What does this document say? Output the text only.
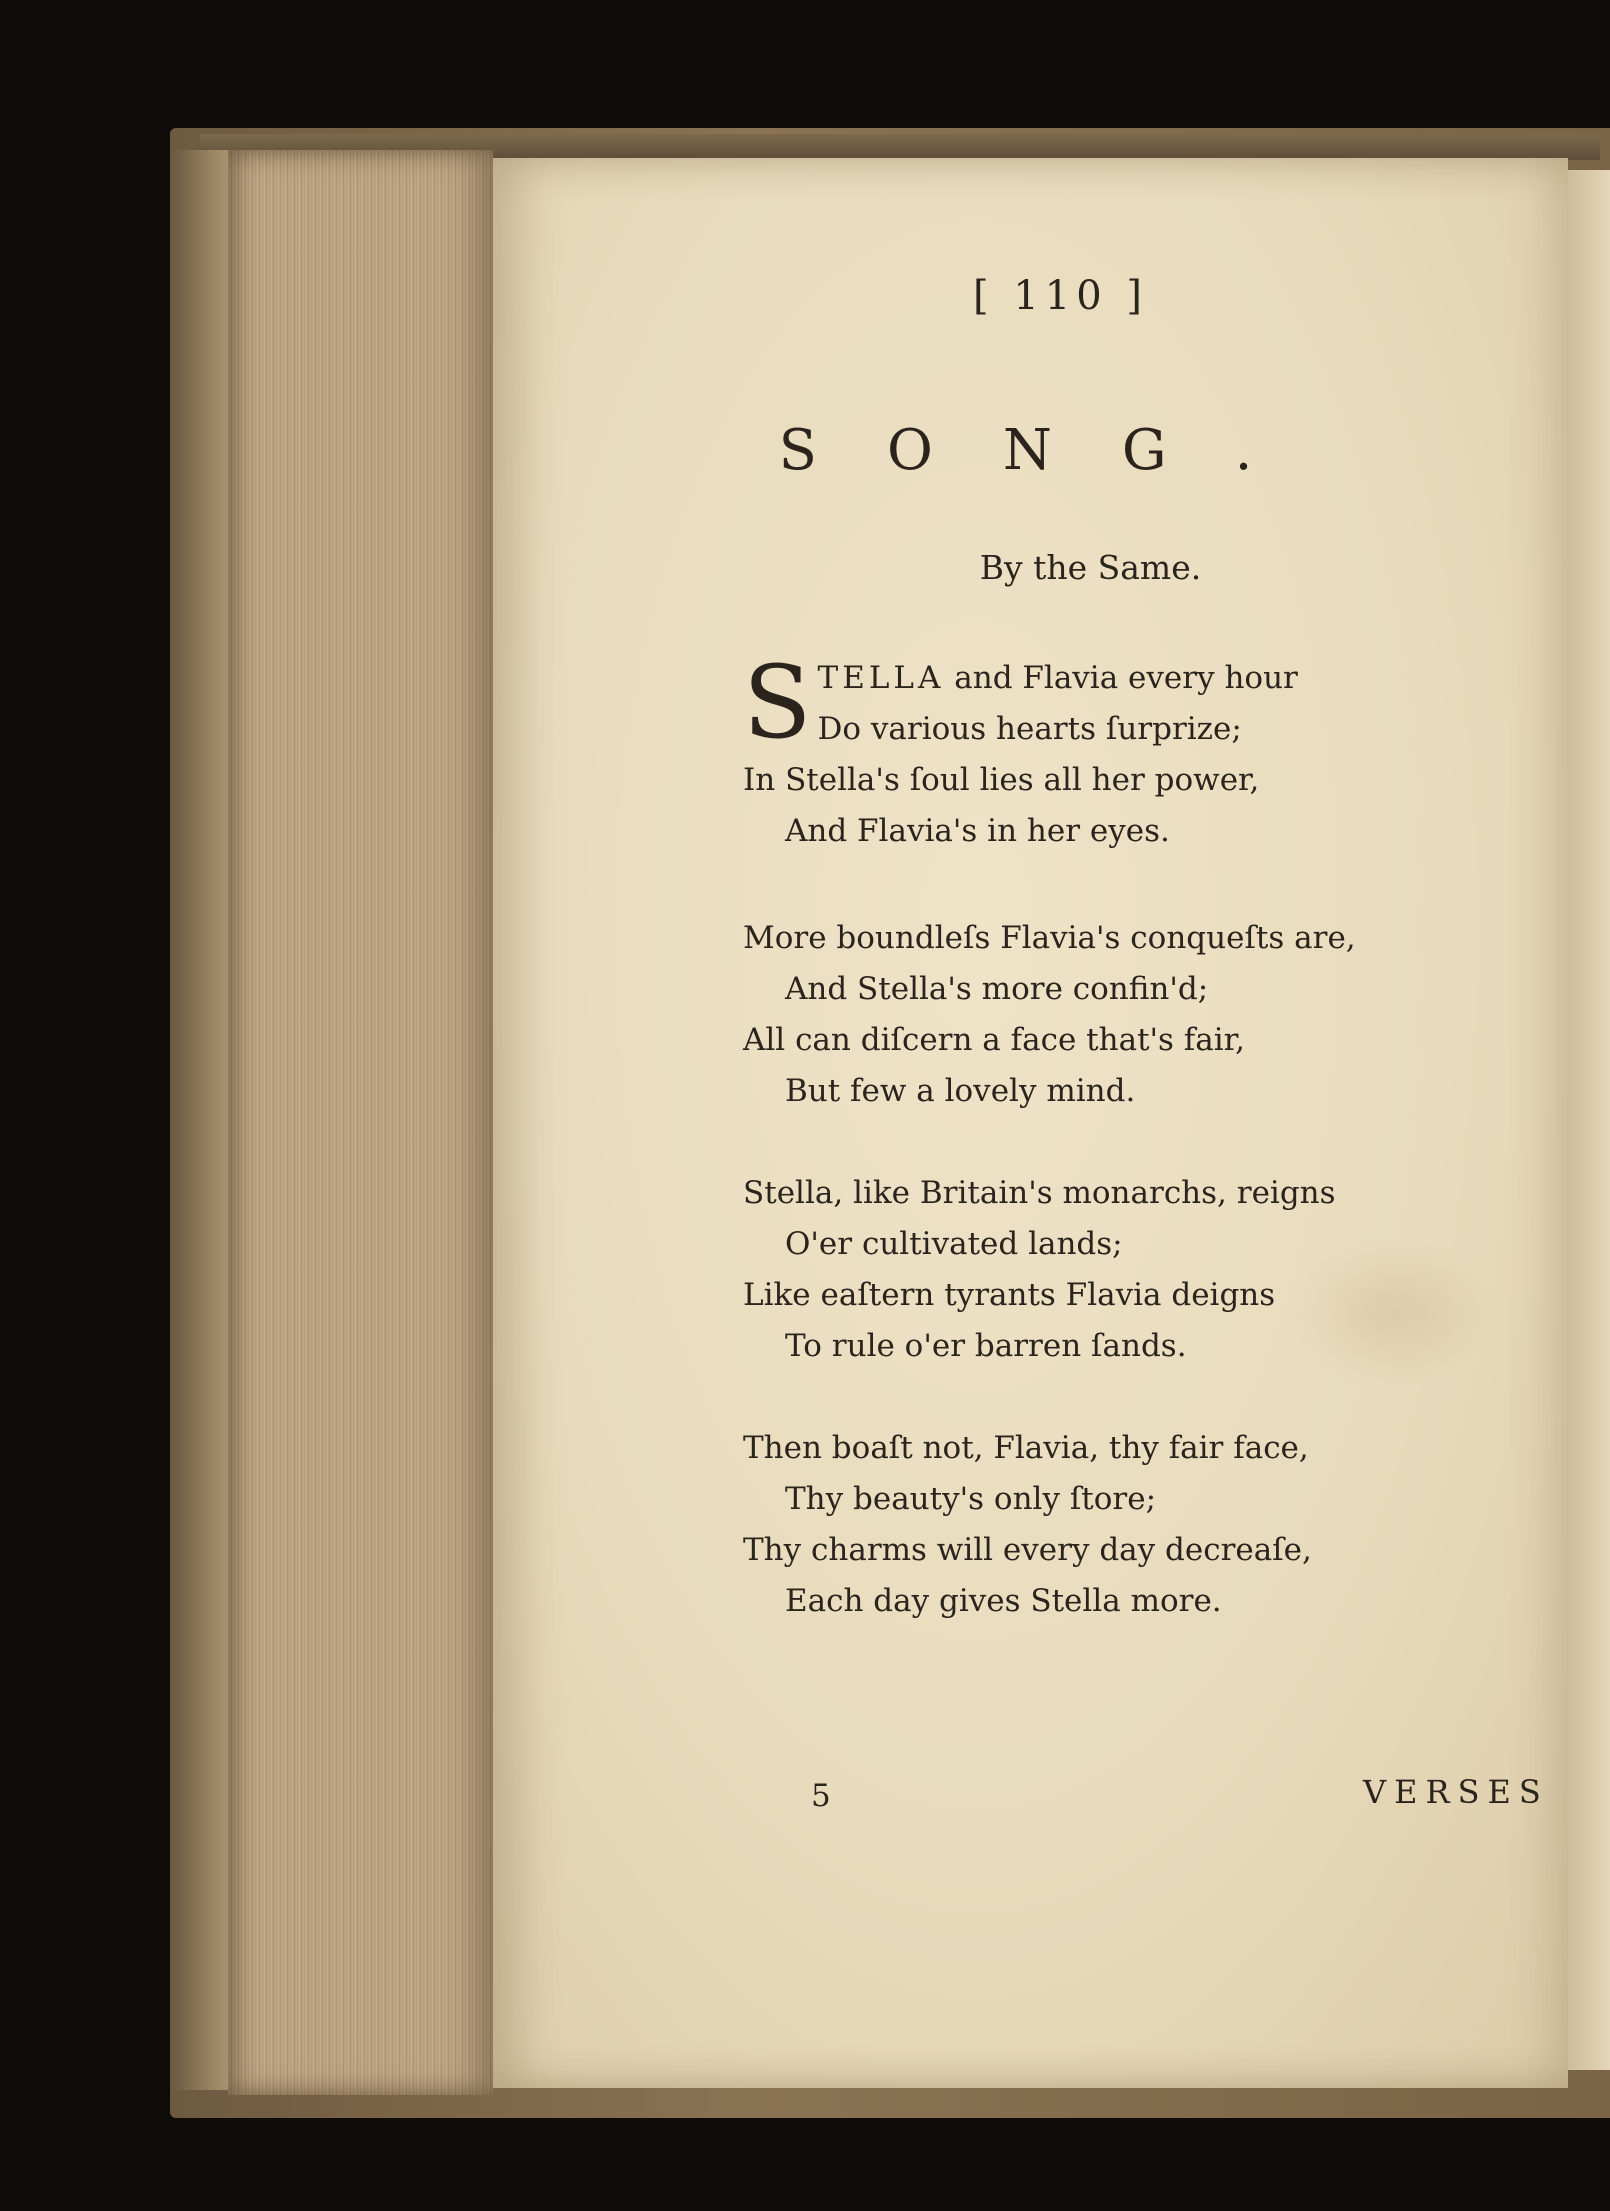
[ 110 ]
SONG.
By the Same.
S TELLA and Flavia every hour
Do various hearts ſurprize;
In Stella's ſoul lies all her power,
And Flavia's in her eyes.
More boundleſs Flavia's conqueſts are,
And Stella's more confin'd;
All can diſcern a face that's fair,
But few a lovely mind.
Stella, like Britain's monarchs, reigns
O'er cultivated lands;
Like eaſtern tyrants Flavia deigns
To rule o'er barren ſands.
Then boaſt not, Flavia, thy fair face,
Thy beauty's only ſtore;
Thy charms will every day decreaſe,
Each day gives Stella more.
5	VERSES
